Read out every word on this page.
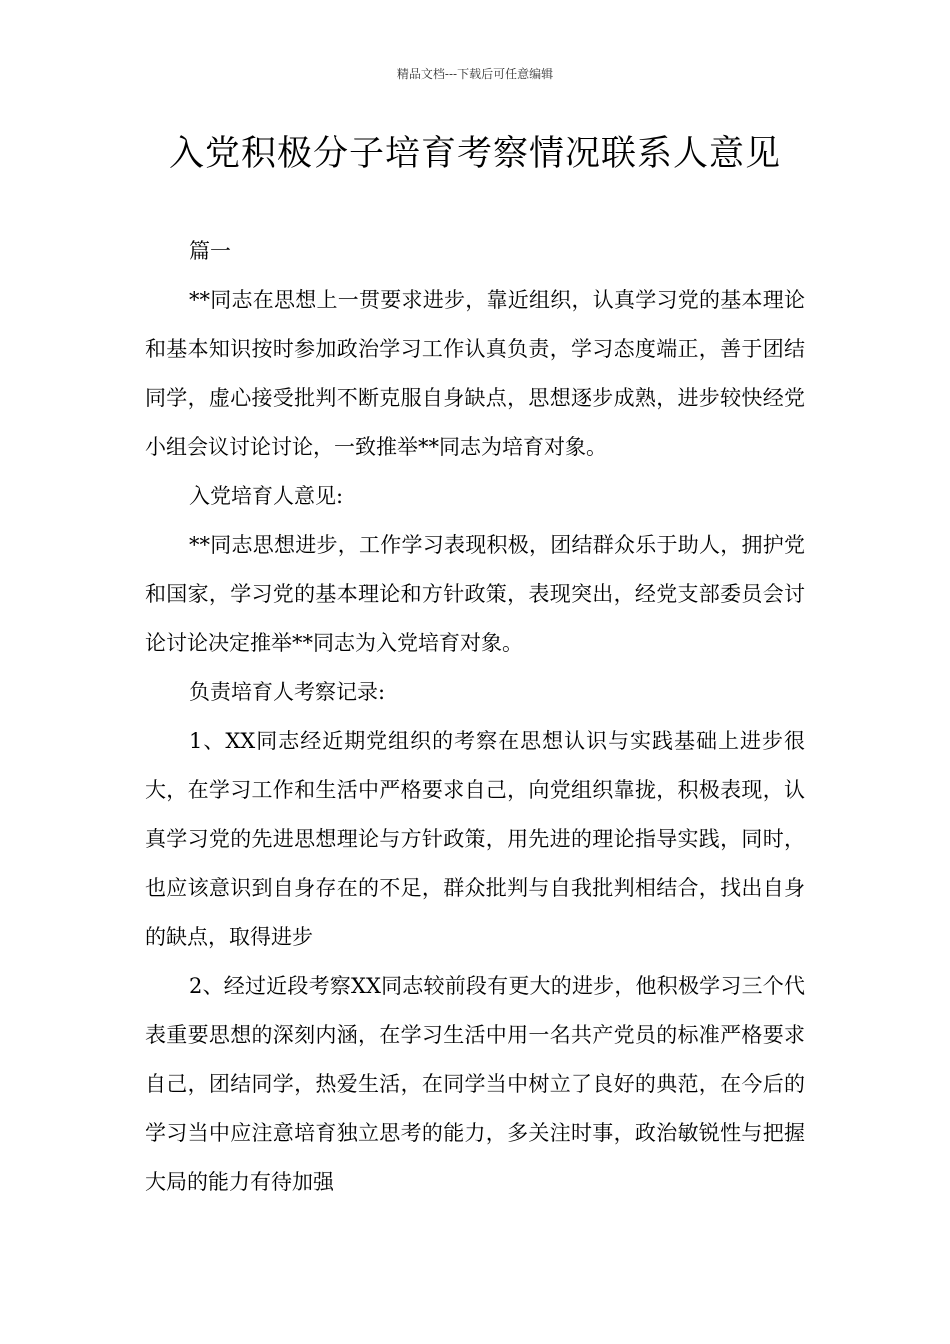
精品文档---下载后可任意编辑
入党积极分子培育考察情况联系人意见

篇一

**同志在思想上一贯要求进步，靠近组织，认真学习党的基本理论和基本知识按时参加政治学习工作认真负责，学习态度端正，善于团结同学，虚心接受批判不断克服自身缺点，思想逐步成熟，进步较快经党小组会议讨论讨论，一致推举**同志为培育对象。

入党培育人意见:

**同志思想进步，工作学习表现积极，团结群众乐于助人，拥护党和国家，学习党的基本理论和方针政策，表现突出，经党支部委员会讨论讨论决定推举**同志为入党培育对象。

负责培育人考察记录:

1、XX同志经近期党组织的考察在思想认识与实践基础上进步很大，在学习工作和生活中严格要求自己，向党组织靠拢，积极表现，认真学习党的先进思想理论与方针政策，用先进的理论指导实践，同时，也应该意识到自身存在的不足，群众批判与自我批判相结合，找出自身的缺点，取得进步

2、经过近段考察XX同志较前段有更大的进步，他积极学习三个代表重要思想的深刻内涵，在学习生活中用一名共产党员的标准严格要求自己，团结同学，热爱生活，在同学当中树立了良好的典范，在今后的学习当中应注意培育独立思考的能力，多关注时事，政治敏锐性与把握大局的能力有待加强
